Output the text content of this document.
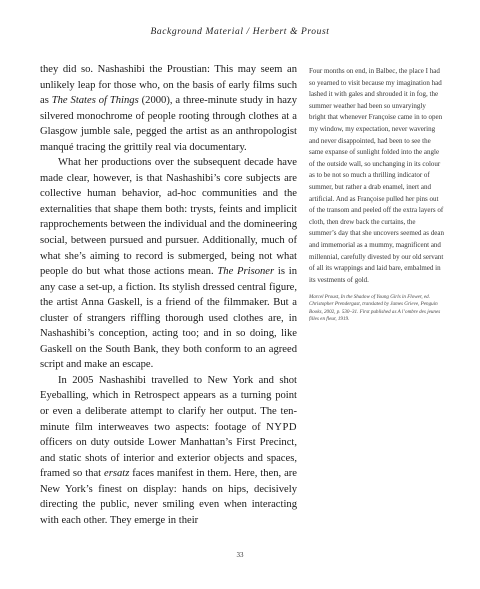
Background Material / Herbert & Proust

they did so. Nashashibi the Proustian: This may seem an unlikely leap for those who, on the basis of early films such as The States of Things (2000), a three-minute study in hazy silvered monochrome of people rooting through clothes at a Glasgow jumble sale, pegged the artist as an anthropologist manqué tracing the grittily real via documentary.

What her productions over the subsequent decade have made clear, however, is that Nashashibi’s core subjects are collective human behavior, ad-hoc communities and the externalities that shape them both: trysts, feints and implicit rapprochements between the individual and the domineering social, between pursued and pursuer. Additionally, much of what she’s aiming to record is submerged, being not what people do but what those actions mean. The Prisoner is in any case a set-up, a fiction. Its stylish dressed central figure, the artist Anna Gaskell, is a friend of the filmmaker. But a cluster of strangers riffling thorough used clothes are, in Nashashibi’s conception, acting too; and in so doing, like Gaskell on the South Bank, they both conform to an agreed script and make an escape.

In 2005 Nashashibi travelled to New York and shot Eyeballing, which in Retrospect appears as a turning point or even a deliberate attempt to clarify her output. The ten-minute film interweaves two aspects: footage of NYPD officers on duty outside Lower Manhattan’s First Precinct, and static shots of interior and exterior objects and spaces, framed so that ersatz faces manifest in them. Here, then, are New York’s finest on display: hands on hips, decisively directing the public, never smiling even when interacting with each other. They emerge in their

Four months on end, in Balbec, the place I had so yearned to visit because my imagination had lashed it with gales and shrouded it in fog, the summer weather had been so unvaryingly bright that whenever Françoise came in to open my window, my expectation, never wavering and never disappointed, had been to see the same expanse of sunlight folded into the angle of the outside wall, so unchanging in its colour as to be not so much a thrilling indicator of summer, but rather a drab enamel, inert and artificial. And as Françoise pulled her pins out of the transom and peeled off the extra layers of cloth, then drew back the curtains, the summer’s day that she uncovers seemed as dean and immemorial as a mummy, magnificent and millennial, carefully divested by our old servant of all its wrappings and laid bare, embalmed in its vestments of gold.

Marcel Proust, In the Shadow of Young Girls in Flower, ed. Christopher Prendergast, translated by James Grieve, Penguin Books, 2002, p. 530–31. First published as A l’ombre des jeunes filles en fleur, 1919.

33
